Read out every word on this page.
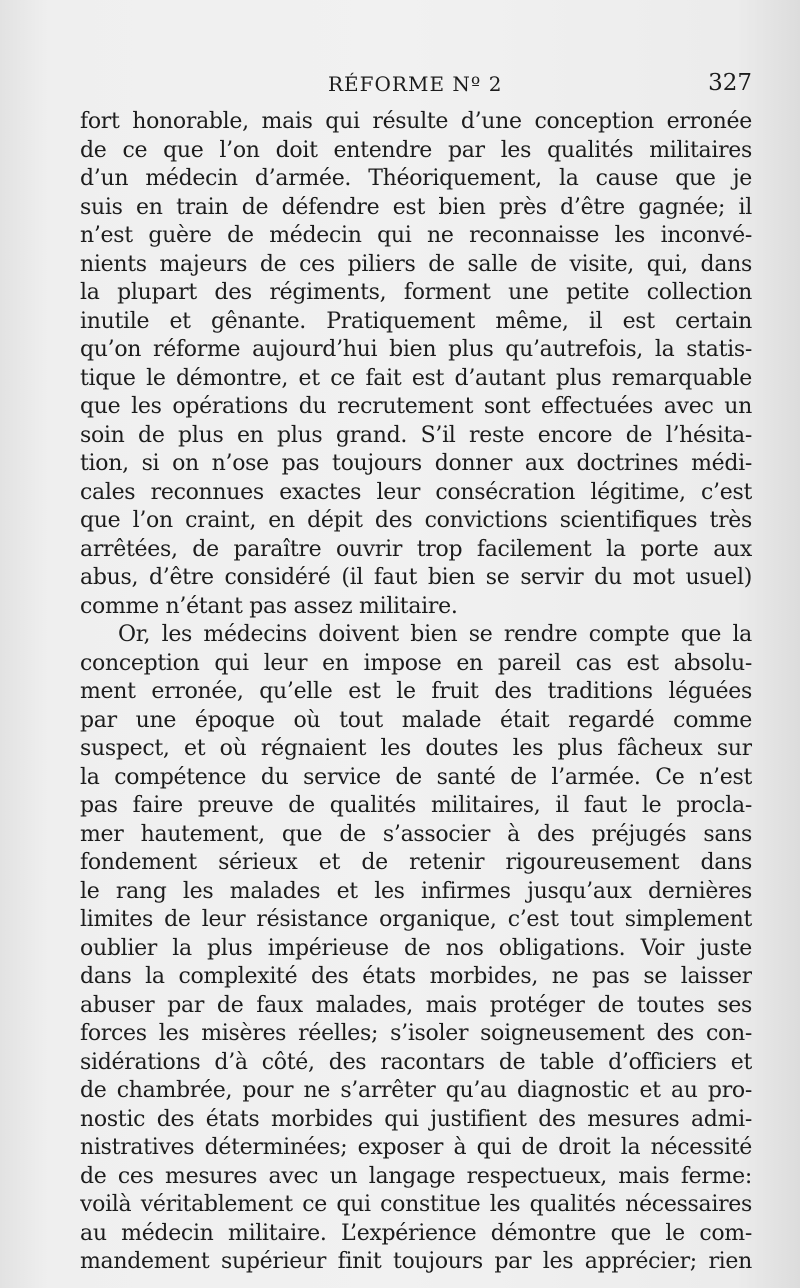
RÉFORME Nº 2	327
fort honorable, mais qui résulte d’une conception erronée
de ce que l’on doit entendre par les qualités militaires
d’un médecin d’armée. Théoriquement, la cause que je
suis en train de défendre est bien près d’être gagnée; il
n’est guère de médecin qui ne reconnaisse les inconvé-
nients majeurs de ces piliers de salle de visite, qui, dans
la plupart des régiments, forment une petite collection
inutile et gênante. Pratiquement même, il est certain
qu’on réforme aujourd’hui bien plus qu’autrefois, la statis-
tique le démontre, et ce fait est d’autant plus remarquable
que les opérations du recrutement sont effectuées avec un
soin de plus en plus grand. S’il reste encore de l’hésita-
tion, si on n’ose pas toujours donner aux doctrines médi-
cales reconnues exactes leur consécration légitime, c’est
que l’on craint, en dépit des convictions scientifiques très
arrêtées, de paraître ouvrir trop facilement la porte aux
abus, d’être considéré (il faut bien se servir du mot usuel)
comme n’étant pas assez militaire.
Or, les médecins doivent bien se rendre compte que la
conception qui leur en impose en pareil cas est absolu-
ment erronée, qu’elle est le fruit des traditions léguées
par une époque où tout malade était regardé comme
suspect, et où régnaient les doutes les plus fâcheux sur
la compétence du service de santé de l’armée. Ce n’est
pas faire preuve de qualités militaires, il faut le procla-
mer hautement, que de s’associer à des préjugés sans
fondement sérieux et de retenir rigoureusement dans
le rang les malades et les infirmes jusqu’aux dernières
limites de leur résistance organique, c’est tout simplement
oublier la plus impérieuse de nos obligations. Voir juste
dans la complexité des états morbides, ne pas se laisser
abuser par de faux malades, mais protéger de toutes ses
forces les misères réelles; s’isoler soigneusement des con-
sidérations d’à côté, des racontars de table d’officiers et
de chambrée, pour ne s’arrêter qu’au diagnostic et au pro-
nostic des états morbides qui justifient des mesures admi-
nistratives déterminées; exposer à qui de droit la nécessité
de ces mesures avec un langage respectueux, mais ferme:
voilà véritablement ce qui constitue les qualités nécessaires
au médecin militaire. L’expérience démontre que le com-
mandement supérieur finit toujours par les apprécier; rien
